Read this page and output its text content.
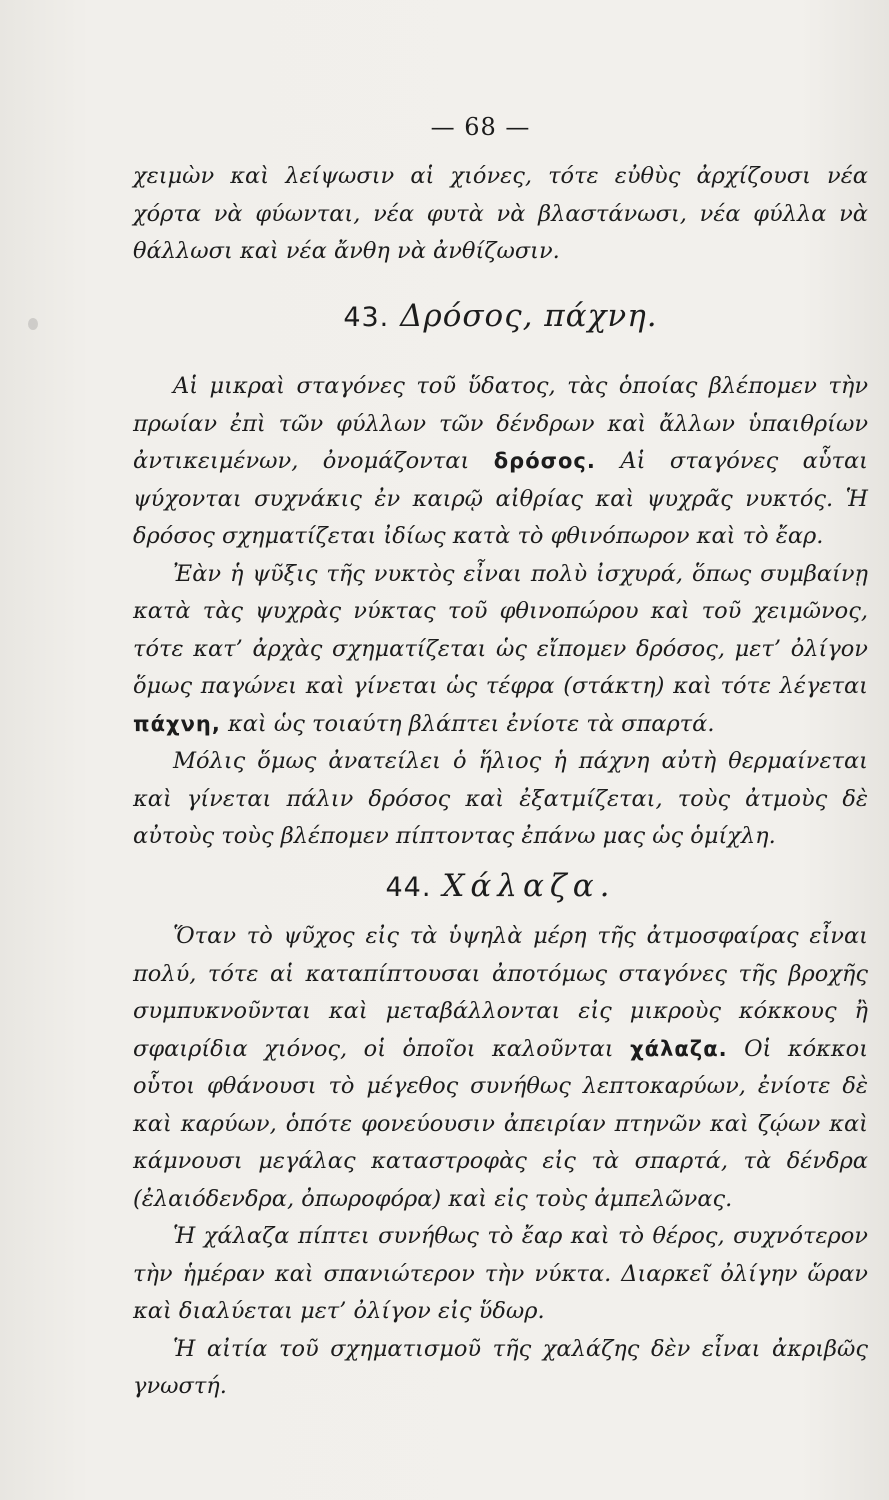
— 68 —

χειμὼν καὶ λείψωσιν αἱ χιόνες, τότε εὐθὺς ἀρχίζουσι νέα χόρτα νὰ φύωνται, νέα φυτὰ νὰ βλαστάνωσι, νέα φύλλα νὰ θάλλωσι καὶ νέα ἄνθη νὰ ἀνθίζωσιν.

43. Δρόσος, πάχνη.

Αἱ μικραὶ σταγόνες τοῦ ὕδατος, τὰς ὁποίας βλέπομεν τὴν πρωίαν ἐπὶ τῶν φύλλων τῶν δένδρων καὶ ἄλλων ὑπαιθρίων ἀντικειμένων, ὀνομάζονται δρόσος. Αἱ σταγόνες αὗται ψύχονται συχνάκις ἐν καιρῷ αἰθρίας καὶ ψυχρᾶς νυκτός. Ἡ δρόσος σχηματίζεται ἰδίως κατὰ τὸ φθινόπωρον καὶ τὸ ἔαρ.

Ἐὰν ἡ ψῦξις τῆς νυκτὸς εἶναι πολὺ ἰσχυρά, ὅπως συμβαίνῃ κατὰ τὰς ψυχρὰς νύκτας τοῦ φθινοπώρου καὶ τοῦ χειμῶνος, τότε κατ’ ἀρχὰς σχηματίζεται ὡς εἴπομεν δρόσος, μετ’ ὀλίγον ὅμως παγώνει καὶ γίνεται ὡς τέφρα (στάκτη) καὶ τότε λέγεται πάχνη, καὶ ὡς τοιαύτη βλάπτει ἐνίοτε τὰ σπαρτά.

Μόλις ὅμως ἀνατείλει ὁ ἥλιος ἡ πάχνη αὐτὴ θερμαίνεται καὶ γίνεται πάλιν δρόσος καὶ ἐξατμίζεται, τοὺς ἀτμοὺς δὲ αὐτοὺς τοὺς βλέπομεν πίπτοντας ἐπάνω μας ὡς ὁμίχλη.

44. Χάλαζα.

Ὅταν τὸ ψῦχος εἰς τὰ ὑψηλὰ μέρη τῆς ἀτμοσφαίρας εἶναι πολύ, τότε αἱ καταπίπτουσαι ἀποτόμως σταγόνες τῆς βροχῆς συμπυκνοῦνται καὶ μεταβάλλονται εἰς μικροὺς κόκκους ἢ σφαιρίδια χιόνος, οἱ ὁποῖοι καλοῦνται χάλαζα. Οἱ κόκκοι οὗτοι φθάνουσι τὸ μέγεθος συνήθως λεπτοκαρύων, ἐνίοτε δὲ καὶ καρύων, ὁπότε φονεύουσιν ἀπειρίαν πτηνῶν καὶ ζῴων καὶ κάμνουσι μεγάλας καταστροφὰς εἰς τὰ σπαρτά, τὰ δένδρα (ἐλαιόδενδρα, ὀπωροφόρα) καὶ εἰς τοὺς ἀμπελῶνας.

Ἡ χάλαζα πίπτει συνήθως τὸ ἔαρ καὶ τὸ θέρος, συχνότερον τὴν ἡμέραν καὶ σπανιώτερον τὴν νύκτα. Διαρκεῖ ὀλίγην ὥραν καὶ διαλύεται μετ’ ὀλίγον εἰς ὕδωρ.

Ἡ αἰτία τοῦ σχηματισμοῦ τῆς χαλάζης δὲν εἶναι ἀκριβῶς γνωστή.
